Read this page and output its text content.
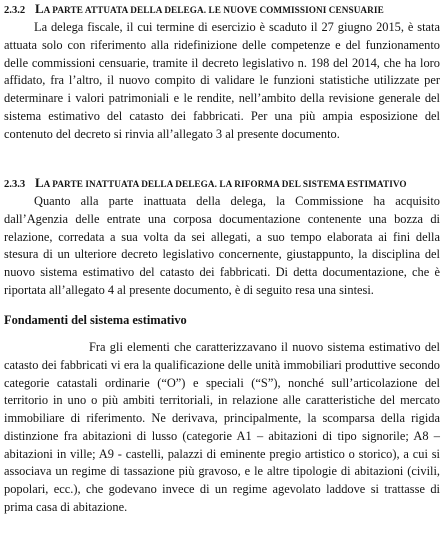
2.3.2 LA PARTE ATTUATA DELLA DELEGA. LE NUOVE COMMISSIONI CENSUARIE

La delega fiscale, il cui termine di esercizio è scaduto il 27 giugno 2015, è stata attuata solo con riferimento alla ridefinizione delle competenze e del funzionamento delle commissioni censuarie, tramite il decreto legislativo n. 198 del 2014, che ha loro affidato, fra l’altro, il nuovo compito di validare le funzioni statistiche utilizzate per determinare i valori patrimoniali e le rendite, nell’ambito della revisione generale del sistema estimativo del catasto dei fabbricati. Per una più ampia esposizione del contenuto del decreto si rinvia all’allegato 3 al presente documento.

2.3.3 LA PARTE INATTUATA DELLA DELEGA. LA RIFORMA DEL SISTEMA ESTIMATIVO

Quanto alla parte inattuata della delega, la Commissione ha acquisito dall’Agenzia delle entrate una corposa documentazione contenente una bozza di relazione, corredata a sua volta da sei allegati, a suo tempo elaborata ai fini della stesura di un ulteriore decreto legislativo concernente, giustappunto, la disciplina del nuovo sistema estimativo del catasto dei fabbricati. Di detta documentazione, che è riportata all’allegato 4 al presente documento, è di seguito resa una sintesi.

Fondamenti del sistema estimativo

Fra gli elementi che caratterizzavano il nuovo sistema estimativo del catasto dei fabbricati vi era la qualificazione delle unità immobiliari produttive secondo categorie catastali ordinarie (“O”) e speciali (“S”), nonché sull’articolazione del territorio in uno o più ambiti territoriali, in relazione alle caratteristiche del mercato immobiliare di riferimento. Ne derivava, principalmente, la scomparsa della rigida distinzione fra abitazioni di lusso (categorie A1 – abitazioni di tipo signorile; A8 – abitazioni in ville; A9 - castelli, palazzi di eminente pregio artistico o storico), a cui si associava un regime di tassazione più gravoso, e le altre tipologie di abitazioni (civili, popolari, ecc.), che godevano invece di un regime agevolato laddove si trattasse di prima casa di abitazione.
